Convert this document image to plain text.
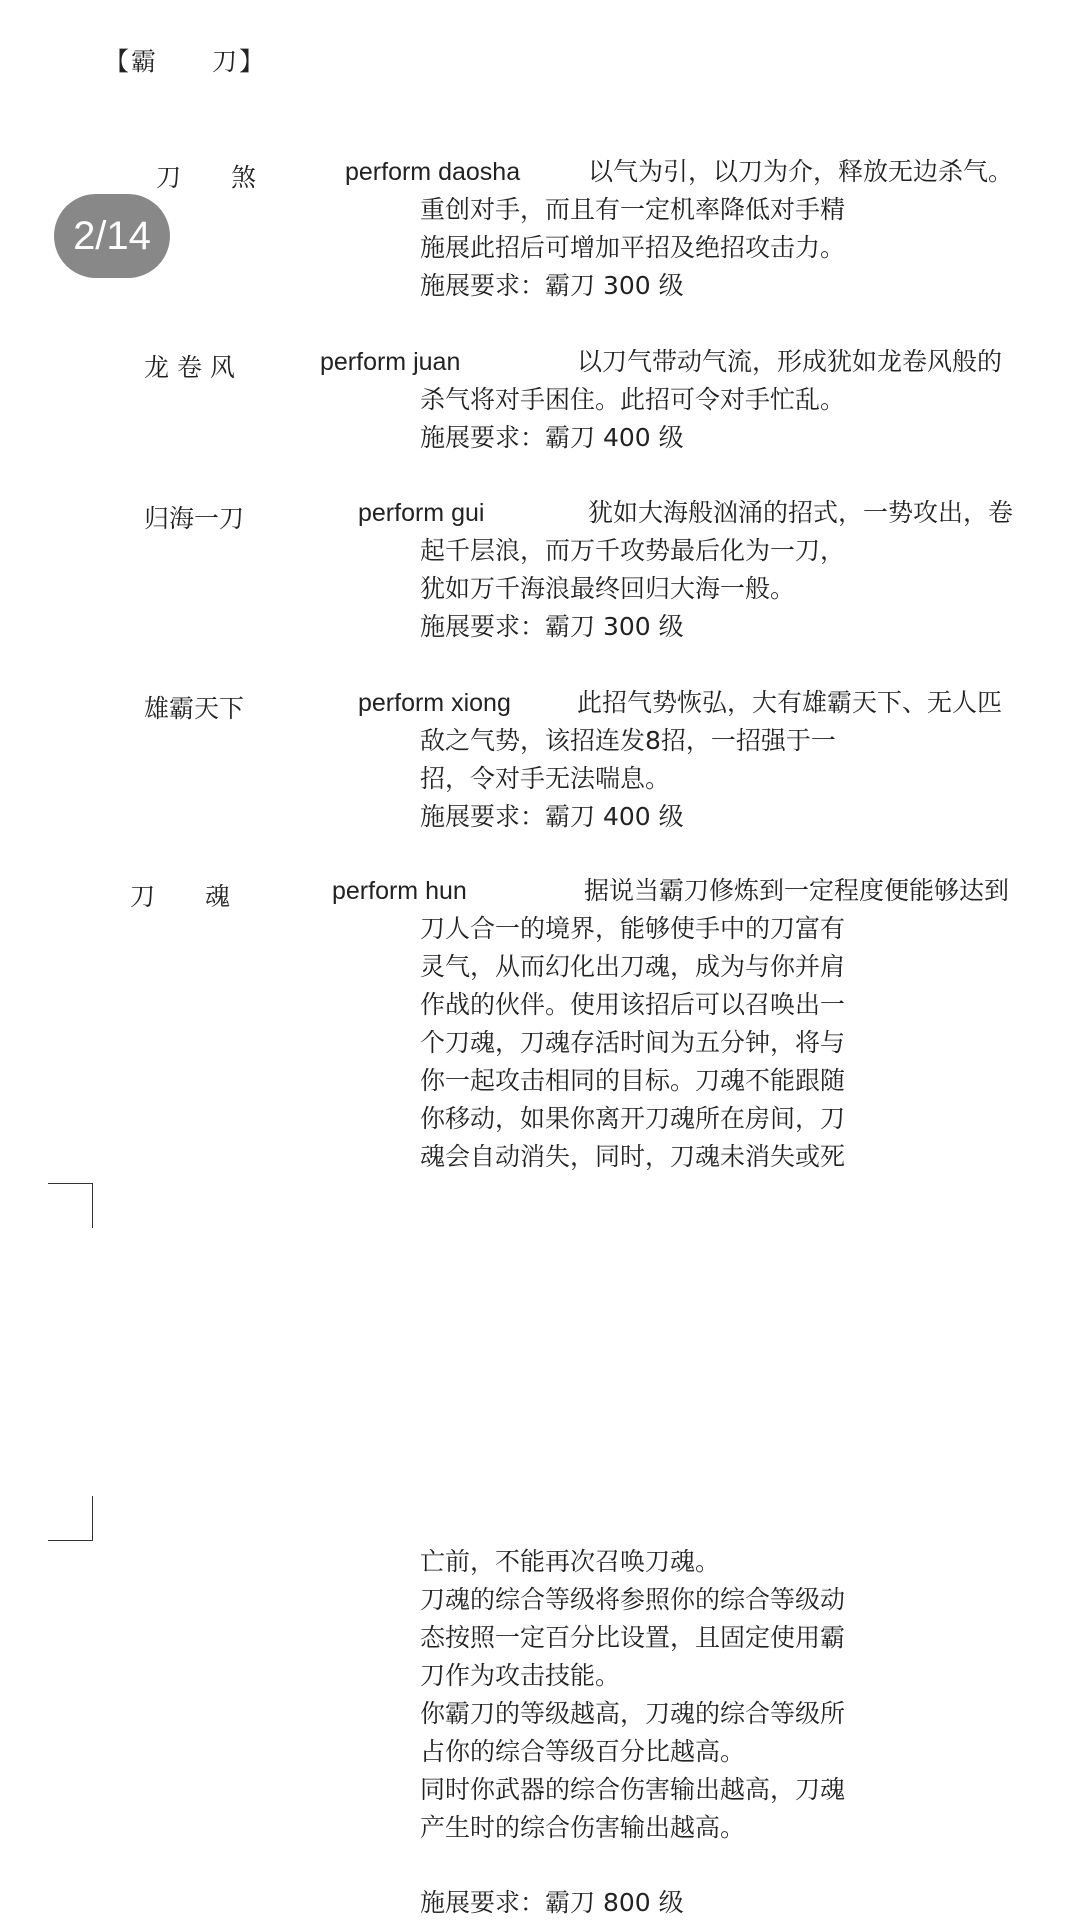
【霸　　刀】
2/14
刀　　煞	perform daosha	以气为引，以刀为介，释放无边杀气。
重创对手，而且有一定机率降低对手精
施展此招后可增加平招及绝招攻击力。
施展要求：霸刀 300 级
龙 卷 风	perform juan	以刀气带动气流，形成犹如龙卷风般的
杀气将对手困住。此招可令对手忙乱。
施展要求：霸刀 400 级
归海一刀	perform gui	犹如大海般汹涌的招式，一势攻出，卷
起千层浪，而万千攻势最后化为一刀，
犹如万千海浪最终回归大海一般。
施展要求：霸刀 300 级
雄霸天下	perform xiong	此招气势恢弘，大有雄霸天下、无人匹
敌之气势，该招连发8招，一招强于一
招，令对手无法喘息。
施展要求：霸刀 400 级
刀　　魂	perform hun	据说当霸刀修炼到一定程度便能够达到
刀人合一的境界，能够使手中的刀富有
灵气，从而幻化出刀魂，成为与你并肩
作战的伙伴。使用该招后可以召唤出一
个刀魂，刀魂存活时间为五分钟，将与
你一起攻击相同的目标。刀魂不能跟随
你移动，如果你离开刀魂所在房间，刀
魂会自动消失，同时，刀魂未消失或死
亡前，不能再次召唤刀魂。
刀魂的综合等级将参照你的综合等级动
态按照一定百分比设置，且固定使用霸
刀作为攻击技能。
你霸刀的等级越高，刀魂的综合等级所
占你的综合等级百分比越高。
同时你武器的综合伤害输出越高，刀魂
产生时的综合伤害输出越高。
施展要求：霸刀 800 级
